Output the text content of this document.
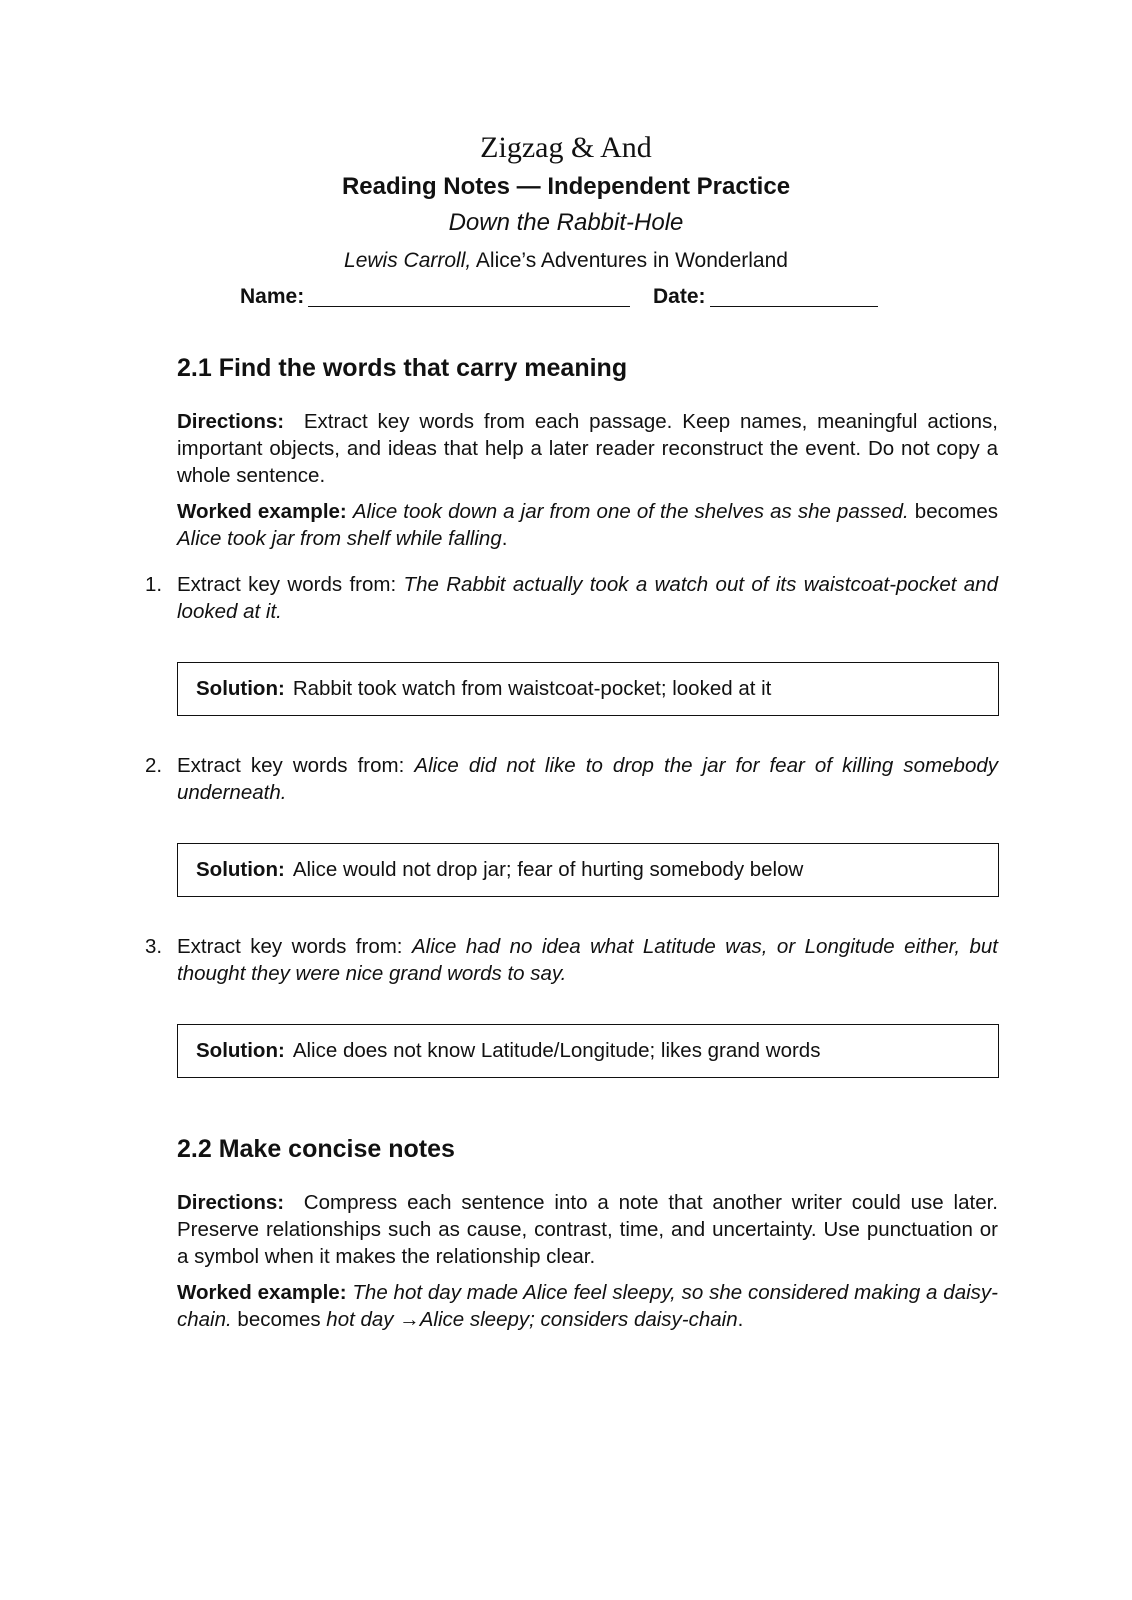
Zigzag & And
Reading Notes — Independent Practice
Down the Rabbit-Hole
Lewis Carroll, Alice’s Adventures in Wonderland
Name:	Date:
2.1 Find the words that carry meaning
Directions: Extract key words from each passage. Keep names, meaningful actions, important objects, and ideas that help a later reader reconstruct the event. Do not copy a whole sentence.
Worked example: Alice took down a jar from one of the shelves as she passed. becomes Alice took jar from shelf while falling.
1. Extract key words from: The Rabbit actually took a watch out of its waistcoat-pocket and looked at it.
Solution: Rabbit took watch from waistcoat-pocket; looked at it
2. Extract key words from: Alice did not like to drop the jar for fear of killing somebody underneath.
Solution: Alice would not drop jar; fear of hurting somebody below
3. Extract key words from: Alice had no idea what Latitude was, or Longitude either, but thought they were nice grand words to say.
Solution: Alice does not know Latitude/Longitude; likes grand words
2.2 Make concise notes
Directions: Compress each sentence into a note that another writer could use later. Preserve relationships such as cause, contrast, time, and uncertainty. Use punctuation or a symbol when it makes the relationship clear.
Worked example: The hot day made Alice feel sleepy, so she considered making a daisy-chain. becomes hot day →Alice sleepy; considers daisy-chain.
